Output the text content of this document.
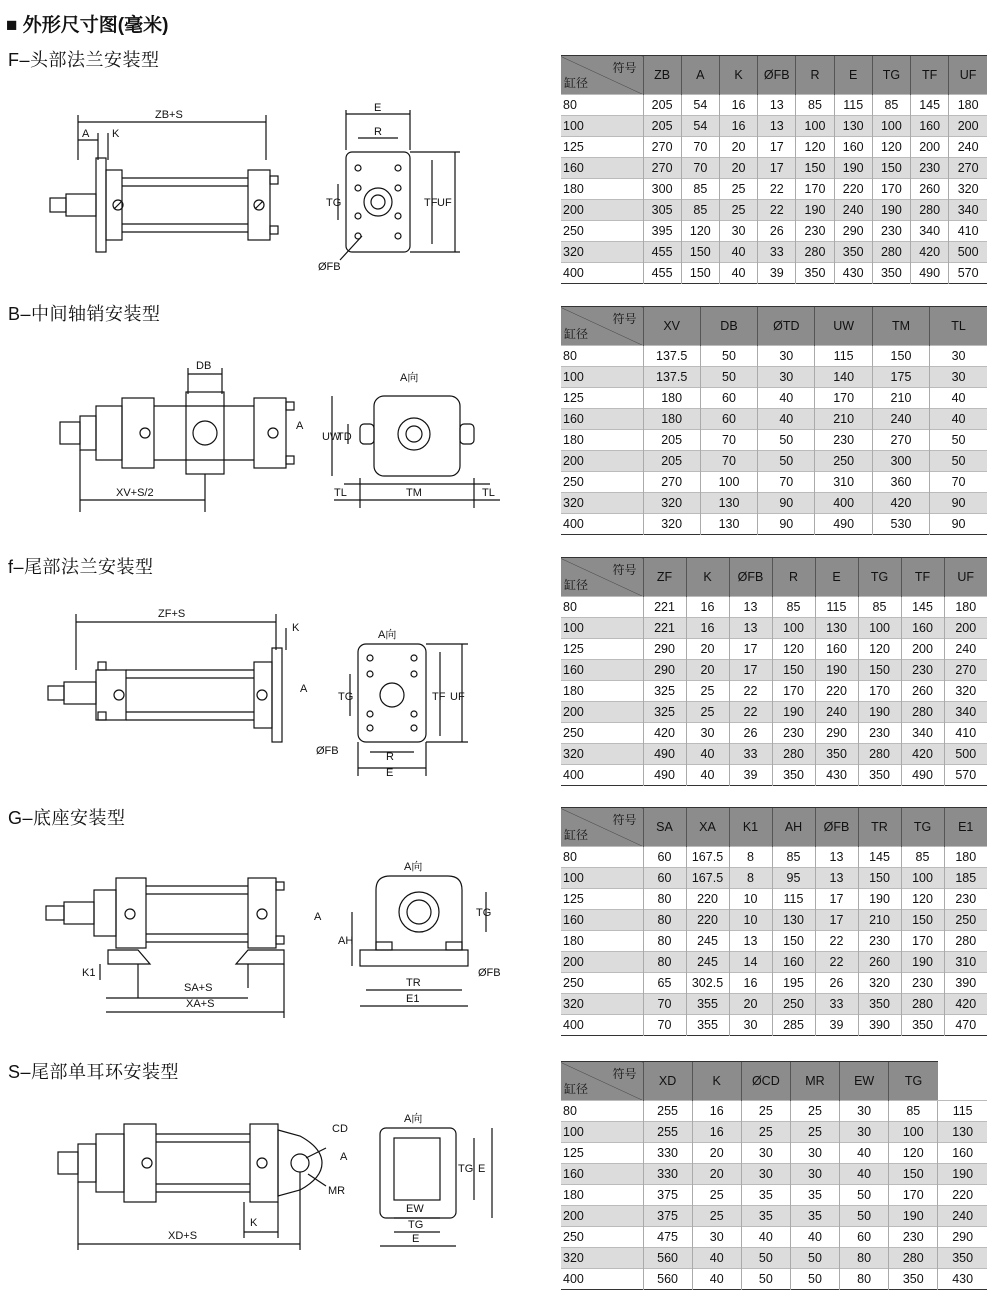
■ 外形尺寸图(毫米)
F–头部法兰安装型
ZB+S
A K
E
R
TG	TF UF
ØFB
符号
缸径	ZB	A	K	ØFB	R	E	TG	TF	UF
80	205	54	16	13	85	115	85	145	180
100	205	54	16	13	100	130	100	160	200
125	270	70	20	17	120	160	120	200	240
160	270	70	20	17	150	190	150	230	270
180	300	85	25	22	170	220	170	260	320
200	305	85	25	22	190	240	190	280	340
250	395	120	30	26	230	290	230	340	410
320	455	150	40	33	280	350	280	420	500
400	455	150	40	39	350	430	350	490	570
B–中间轴销安装型
DB
A
XV+S/2
A向
UW
TD
TL	TM	TL
符号
缸径	XV	DB	ØTD	UW	TM	TL
80	137.5	50	30	115	150	30
100	137.5	50	30	140	175	30
125	180	60	40	170	210	40
160	180	60	40	210	240	40
180	205	70	50	230	270	50
200	205	70	50	250	300	50
250	270	100	70	310	360	70
320	320	130	90	400	420	90
400	320	130	90	490	530	90
f–尾部法兰安装型
ZF+S
K
A
A向
TG	TF UF
ØFB	R
E
符号
缸径	ZF	K	ØFB	R	E	TG	TF	UF
80	221	16	13	85	115	85	145	180
100	221	16	13	100	130	100	160	200
125	290	20	17	120	160	120	200	240
160	290	20	17	150	190	150	230	270
180	325	25	22	170	220	170	260	320
200	325	25	22	190	240	190	280	340
250	420	30	26	230	290	230	340	410
320	490	40	33	280	350	280	420	500
400	490	40	39	350	430	350	490	570
G–底座安装型
A
K1
SA+S
XA+S
A向
TG
AH
ØFB
TR
E1
符号
缸径	SA	XA	K1	AH	ØFB	TR	TG	E1
80	60	167.5	8	85	13	145	85	180
100	60	167.5	8	95	13	150	100	185
125	80	220	10	115	17	190	120	230
160	80	220	10	130	17	210	150	250
180	80	245	13	150	22	230	170	280
200	80	245	14	160	22	260	190	310
250	65	302.5	16	195	26	320	230	390
320	70	355	20	250	33	350	280	420
400	70	355	30	285	39	390	350	470
S–尾部单耳环安装型
CD
A
MR
K
XD+S
A向
TG E
EW
TG
E
符号
缸径	XD	K	ØCD	MR	EW	TG	
80	255	16	25	25	30	85	115
100	255	16	25	25	30	100	130
125	330	20	30	30	40	120	160
160	330	20	30	30	40	150	190
180	375	25	35	35	50	170	220
200	375	25	35	35	50	190	240
250	475	30	40	40	60	230	290
320	560	40	50	50	80	280	350
400	560	40	50	50	80	350	430
